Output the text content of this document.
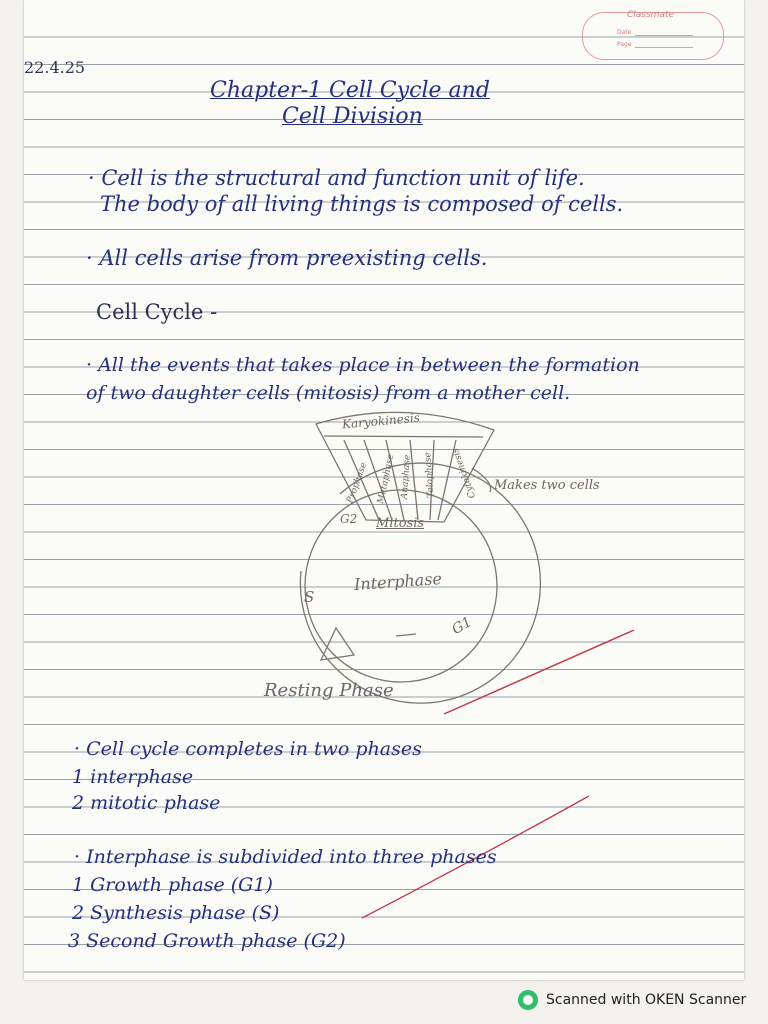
Classmate
Date
Page
22.4.25
Chapter-1 Cell Cycle and
Cell Division
· Cell is the structural and function unit of life.
The body of all living things is composed of cells.
· All cells arise from preexisting cells.
Cell Cycle -
· All the events that takes place in between the formation
of two daughter cells (mitosis) from a mother cell.
Karyokinesis
Prophase Metaphase Anaphase Telophase Cytokinesis Makes two cells
Mitosis
Interphase
G2
G1
S
Resting Phase
· Cell cycle completes in two phases
1 interphase
2 mitotic phase
· Interphase is subdivided into three phases
1 Growth phase (G1)
2 Synthesis phase (S)
3 Second Growth phase (G2)
Scanned with OKEN Scanner
